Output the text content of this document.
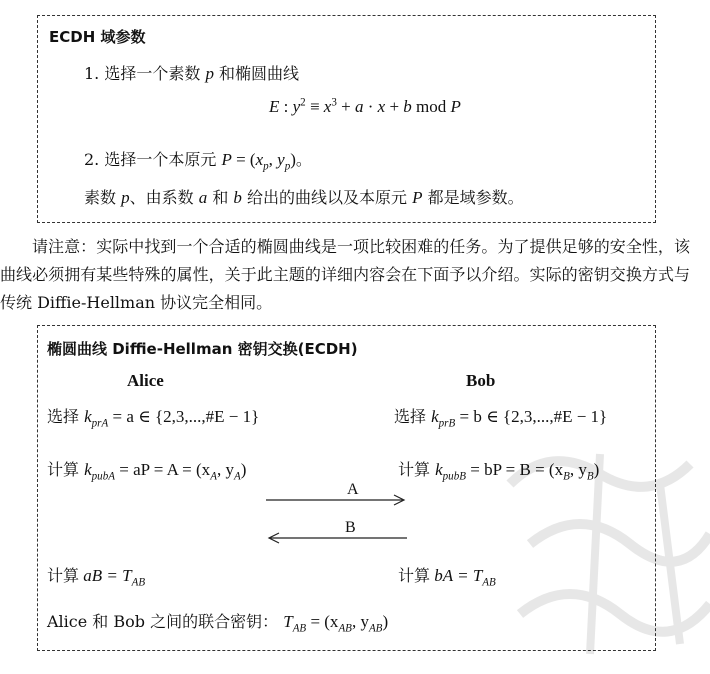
ECDH 域参数
1. 选择一个素数 p 和椭圆曲线
E : $y^2 \equiv x^3 + a \cdot x + b$ mod P
2. 选择一个本原元 $P = (x_p$, $y_p$)。
素数 p、由系数 a 和 b 给出的曲线以及本原元 P 都是域参数。
请注意：实际中找到一个合适的椭圆曲线是一项比较困难的任务。为了提供足够的安全性，该曲线必须拥有某些特殊的属性，关于此主题的详细内容会在下面予以介绍。实际的密钥交换方式与传统 Diffie-Hellman 协议完全相同。
椭圆曲线 Diffie-Hellman 密钥交换(ECDH)
Alice	Bob
选择 $k_{prA} = a$ ∈ {2,3,...,#E − 1}	选择 $k_{prB} = b$ ∈ {2,3,...,#E − 1}
计算 $k_{pubA}$ = aP = $A = (x_A$, $y_A$)	计算 $k_{pubB}$ = bP = $B = (x_B$, $y_B$)
A
B
计算 aB = $T_{AB}$	计算 bA = $T_{AB}$
Alice 和 Bob 之间的联合密钥： $T_{AB} = (x_{AB}$, $y_{AB}$)
